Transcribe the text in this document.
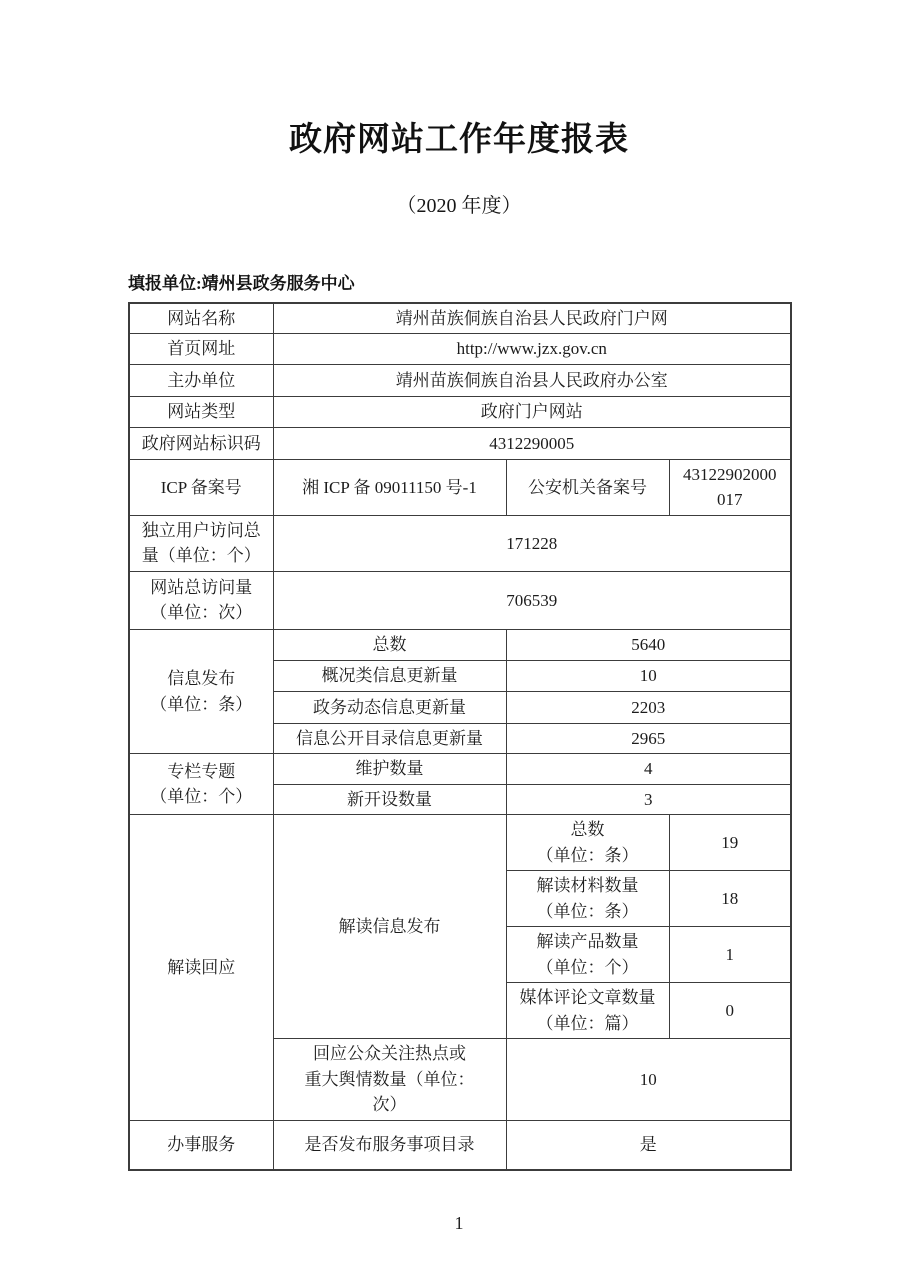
政府网站工作年度报表
（2020 年度）
填报单位:靖州县政务服务中心
网站名称	靖州苗族侗族自治县人民政府门户网		
首页网址	http://www.jzx.gov.cn		
主办单位	靖州苗族侗族自治县人民政府办公室		
网站类型	政府门户网站		
政府网站标识码	4312290005		
ICP 备案号	湘 ICP 备 09011150 号-1	公安机关备案号	43122902000
017
独立用户访问总
量（单位：个）	171228		
网站总访问量
（单位：次）	706539		
信息发布
（单位：条）	总数	5640	
	概况类信息更新量	10	
	政务动态信息更新量	2203	
	信息公开目录信息更新量	2965	
专栏专题
（单位：个）	维护数量	4	
	新开设数量	3	
解读回应	解读信息发布	总数
（单位：条）	19
		解读材料数量
（单位：条）	18
		解读产品数量
（单位：个）	1
		媒体评论文章数量
（单位：篇）	0
	回应公众关注热点或
重大舆情数量（单位：
次）	10	
办事服务	是否发布服务事项目录	是	
1
